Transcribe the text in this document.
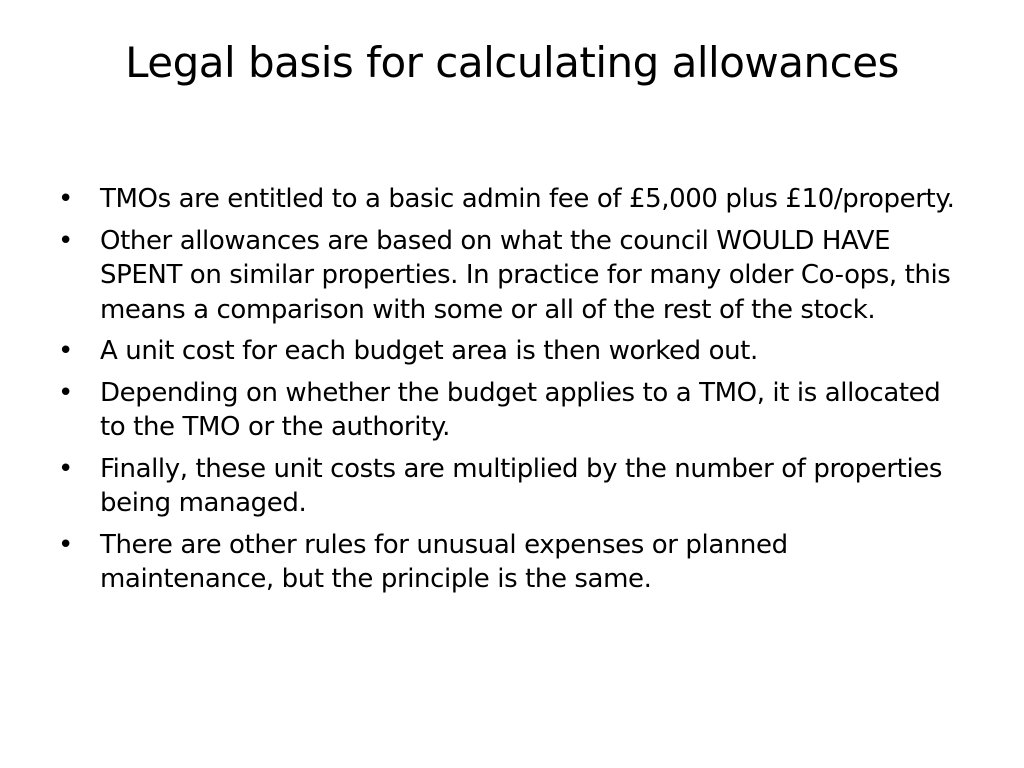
Legal basis for calculating allowances
• TMOs are entitled to a basic admin fee of £5,000 plus £10/property.
• Other allowances are based on what the council WOULD HAVE SPENT on similar properties. In practice for many older Co-ops, this means a comparison with some or all of the rest of the stock.
• A unit cost for each budget area is then worked out.
• Depending on whether the budget applies to a TMO, it is allocated to the TMO or the authority.
• Finally, these unit costs are multiplied by the number of properties being managed.
• There are other rules for unusual expenses or planned maintenance, but the principle is the same.
